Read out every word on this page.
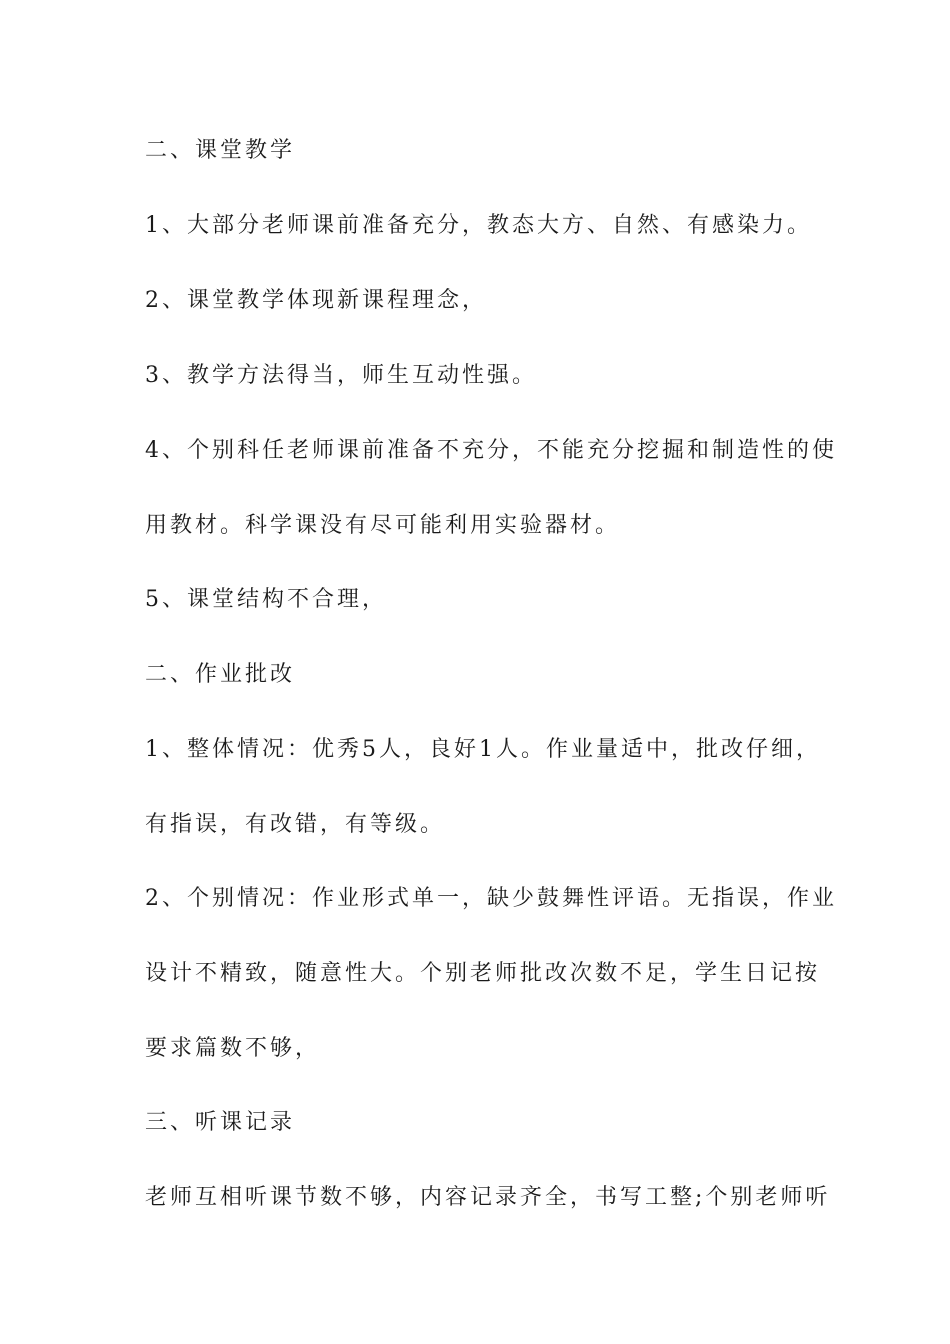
二、课堂教学
1、大部分老师课前准备充分，教态大方、自然、有感染力。
2、课堂教学体现新课程理念，
3、教学方法得当，师生互动性强。
4、个别科任老师课前准备不充分，不能充分挖掘和制造性的使
用教材。科学课没有尽可能利用实验器材。
5、课堂结构不合理，
二、作业批改
1、整体情况：优秀5人，良好1人。作业量适中，批改仔细，
有指误，有改错，有等级。
2、个别情况：作业形式单一，缺少鼓舞性评语。无指误，作业
设计不精致，随意性大。个别老师批改次数不足，学生日记按
要求篇数不够，
三、听课记录
老师互相听课节数不够，内容记录齐全，书写工整;个别老师听
